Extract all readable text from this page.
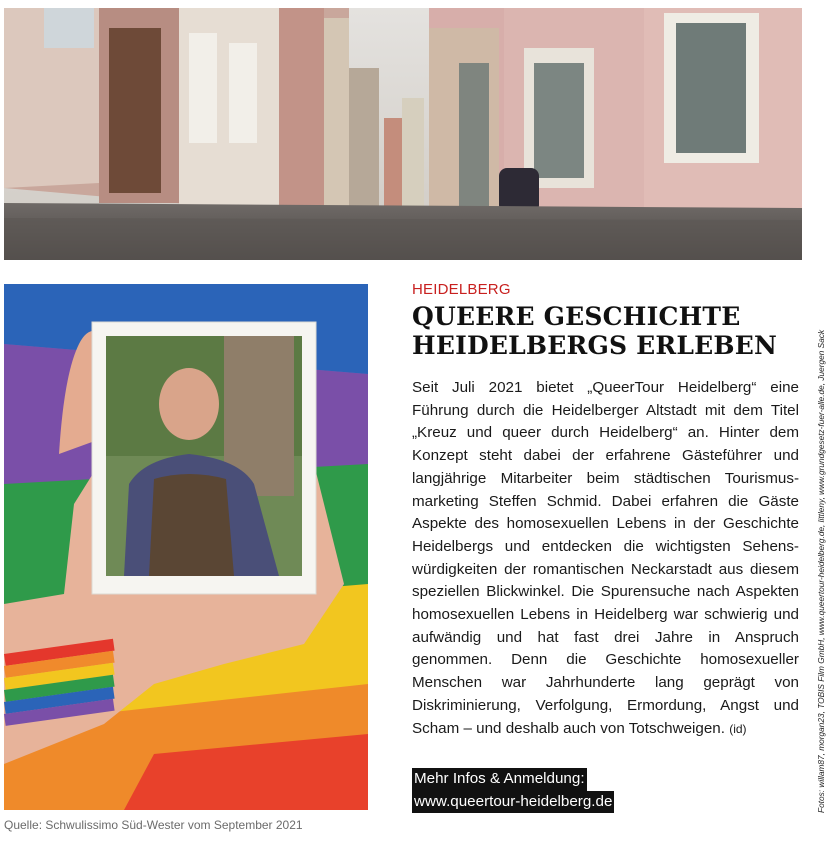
HEIDELBERG
QUEERE GESCHICHTE
HEIDELBERGS ERLEBEN

Seit Juli 2021 bietet „QueerTour Heidelberg“ eine Führung durch die Heidelberger Altstadt mit dem Titel „Kreuz und queer durch Heidelberg“ an. Hinter dem Konzept steht dabei der erfahrene Gästeführer und langjährige Mitarbeiter beim städtischen Tourismus-marketing Steffen Schmid. Dabei erfahren die Gäste Aspekte des homosexuellen Lebens in der Geschichte Heidelbergs und entdecken die wichtigsten Sehens-würdigkeiten der romantischen Neckarstadt aus diesem speziellen Blickwinkel. Die Spurensuche nach Aspekten homosexuellen Lebens in Heidelberg war schwierig und aufwändig und hat fast drei Jahre in Anspruch genommen. Denn die Geschichte homosexueller Menschen war Jahrhunderte lang geprägt von Diskriminierung, Verfolgung, Ermordung, Angst und Scham – und deshalb auch von Totschweigen. (id)

Mehr Infos & Anmeldung:
www.queertour-heidelberg.de	Fotos: willam87, morgan23, TOBIS Film GmbH, www.queertour-heidelberg.de, littleny, www.grundgesetz-fuer-alle.de, Juergen Sack
Quelle: Schwulissimo Süd-Wester vom September 2021
